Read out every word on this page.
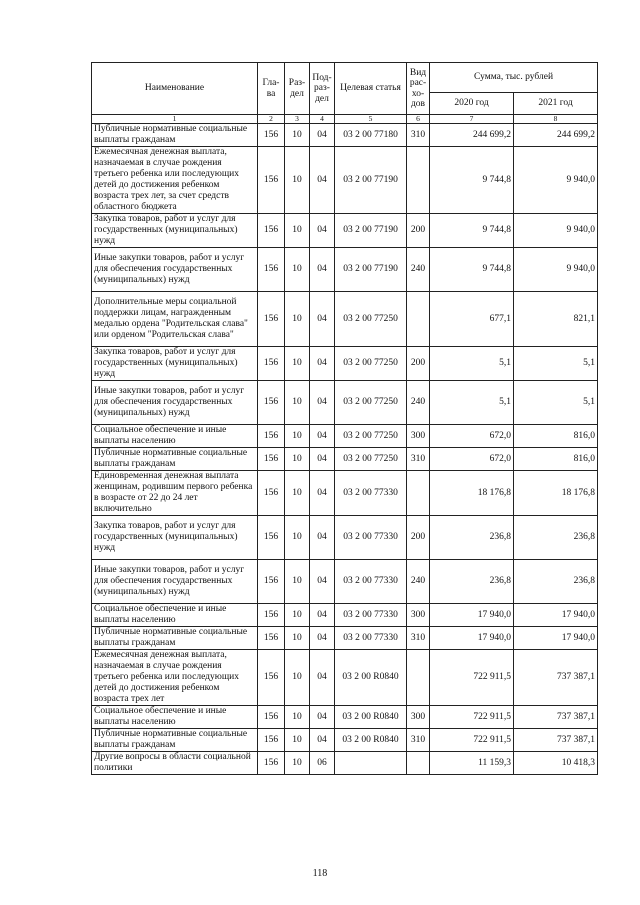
Наименование	Гла-ва	Раз-дел	Под-раз-дел	Целевая статья	Вид рас-хо-дов	Сумма, тыс. рублей	
						2020 год	2021 год
1	2	3	4	5	6	7	8
Публичные нормативные социальные выплаты гражданам	156	10	04	03 2 00 77180	310	244 699,2	244 699,2
Ежемесячная денежная выплата, назначаемая в случае рождения третьего ребенка или последующих детей до достижения ребенком возраста трех лет, за счет средств областного бюджета	156	10	04	03 2 00 77190		9 744,8	9 940,0
Закупка товаров, работ и услуг для государственных (муниципальных) нужд	156	10	04	03 2 00 77190	200	9 744,8	9 940,0
Иные закупки товаров, работ и услуг для обеспечения государственных (муниципальных) нужд	156	10	04	03 2 00 77190	240	9 744,8	9 940,0
Дополнительные меры социальной поддержки лицам, награжденным медалью ордена "Родительская слава" или орденом "Родительская слава"	156	10	04	03 2 00 77250		677,1	821,1
Закупка товаров, работ и услуг для государственных (муниципальных) нужд	156	10	04	03 2 00 77250	200	5,1	5,1
Иные закупки товаров, работ и услуг для обеспечения государственных (муниципальных) нужд	156	10	04	03 2 00 77250	240	5,1	5,1
Социальное обеспечение и иные выплаты населению	156	10	04	03 2 00 77250	300	672,0	816,0
Публичные нормативные социальные выплаты гражданам	156	10	04	03 2 00 77250	310	672,0	816,0
Единовременная денежная выплата женщинам, родившим первого ребенка в возрасте от 22 до 24 лет включительно	156	10	04	03 2 00 77330		18 176,8	18 176,8
Закупка товаров, работ и услуг для государственных (муниципальных) нужд	156	10	04	03 2 00 77330	200	236,8	236,8
Иные закупки товаров, работ и услуг для обеспечения государственных (муниципальных) нужд	156	10	04	03 2 00 77330	240	236,8	236,8
Социальное обеспечение и иные выплаты населению	156	10	04	03 2 00 77330	300	17 940,0	17 940,0
Публичные нормативные социальные выплаты гражданам	156	10	04	03 2 00 77330	310	17 940,0	17 940,0
Ежемесячная денежная выплата, назначаемая в случае рождения третьего ребенка или последующих детей до достижения ребенком возраста трех лет	156	10	04	03 2 00 R0840		722 911,5	737 387,1
Социальное обеспечение и иные выплаты населению	156	10	04	03 2 00 R0840	300	722 911,5	737 387,1
Публичные нормативные социальные выплаты гражданам	156	10	04	03 2 00 R0840	310	722 911,5	737 387,1
Другие вопросы в области социальной политики	156	10	06			11 159,3	10 418,3
118
